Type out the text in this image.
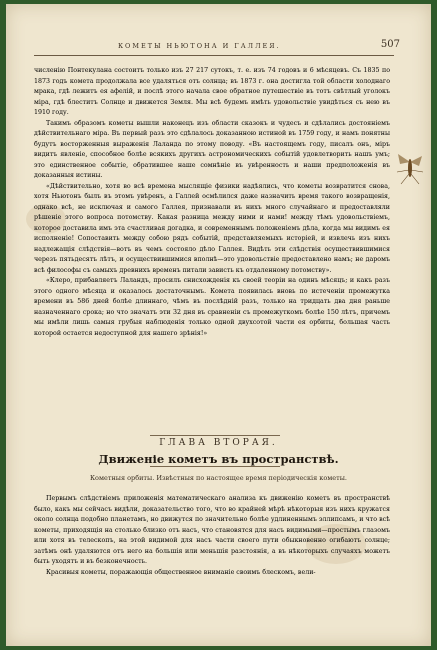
КОМЕТЫ НЬЮТОНА И ГАЛЛЕЯ.	507

численію Понтекулана состоитъ только изъ 27 217 сутокъ, т. е. изъ 74 годовъ и 6 мѣсяцевъ. Съ 1835 по 1873 годъ комета продолжала все удаляться отъ солнца; въ 1873 г. она достигла той области холоднаго мрака, гдѣ лежитъ ея афелій, и послѣ этого начала свое обратное путешествіе въ тотъ свѣтлый уголокъ міра, гдѣ блеститъ Солнце и движется Земля. Мы всѣ будемъ имѣть удовольствіе увидѣться съ нею въ 1910 году.

Такимъ образомъ кометы вышли наконецъ изъ области сказокъ и чудесъ и сдѣлались достояніемъ дѣйствительнаго міра. Въ первый разъ это сдѣлалось доказанною истиной въ 1759 году, и намъ понятны будутъ восторженныя выраженія Лаланда по этому поводу. «Въ настоящемъ году, писалъ онъ, міръ видитъ явленіе, способное болѣе всякихъ другихъ астрономическихъ событій удовлетворить нашъ умъ; это единственное событіе, обратившее наше сомнѣніе въ увѣренность и наши предположенія въ доказанныя истины.

«Дѣйствительно, хотя во всѣ времена мыслящіе физики надѣялись, что кометы возвратится снова, хотя Ньютонъ былъ въ этомъ увѣренъ, а Галлей осмѣлился даже назначить время такого возвращенія, однако всѣ, не исключая и самого Галлея, признавали въ нихъ много случайнаго и предоставляли рѣшеніе этого вопроса потомству. Какая разница между ними и нами! между тѣмъ удовольствіемъ, которое доставила имъ эта счастливая догадка, и современнымъ положеніемъ дѣла, когда мы видимъ ея исполненіе! Сопоставить между собою рядъ событій, представляемыхъ исторіей, и извлечь изъ нихъ надлежащія слѣдствія—вотъ въ чемъ состояло дѣло Галлея. Видѣть эти слѣдствія осуществившимися черезъ пятьдесятъ лѣтъ, и осуществившимися вполнѣ—это удовольствіе предоставлено намъ; не даромъ всѣ философы съ самыхъ древнихъ временъ питали зависть къ отдаленному потомству».

«Клеро, прибавляетъ Лаландъ, просилъ снисхожденія къ своей теоріи на одинъ мѣсяцъ; и какъ разъ этого одного мѣсяца и оказалось достаточнымъ. Комета появилась вновь по истеченіи промежутка времени въ 586 дней болѣе длиннаго, чѣмъ въ послѣдній разъ, только на тридцать два дня раньше назначеннаго срока; но что значатъ эти 32 дня въ сравненіи съ промежуткомъ болѣе 150 лѣтъ, причемъ мы имѣли лишь самыя грубыя наблюденія только одной двухсотой части ея орбиты, большая часть которой остается недоступной для нашего зрѣнія!»

ГЛАВА ВТОРАЯ.
Движеніе кометъ въ пространствѣ.
Кометныя орбиты. Извѣстныя по настоящее время періодическія кометы.

Первымъ слѣдствіемъ приложенія математическаго анализа къ движенію кометъ въ пространствѣ было, какъ мы сейчасъ видѣли, доказательство того, что во крайней мѣрѣ нѣкоторыя изъ нихъ кружатся около солнца подобно планетамъ, но движутся по значительно болѣе удлиненнымъ эллипсамъ, и что всѣ кометы, приходящія на столько близко отъ насъ, что становятся для насъ видимыми—простымъ глазомъ или хотя въ телескопъ, на этой видимой для насъ части своего пути обыкновенно огибаютъ солнце; затѣмъ онѣ удаляются отъ него на большія или меньшія разстоянія, а въ нѣкоторыхъ случаяхъ можетъ быть уходятъ и въ безконечность.

Красивыя кометы, поражающія общественное вниманіе своимъ блескомъ, вели-
